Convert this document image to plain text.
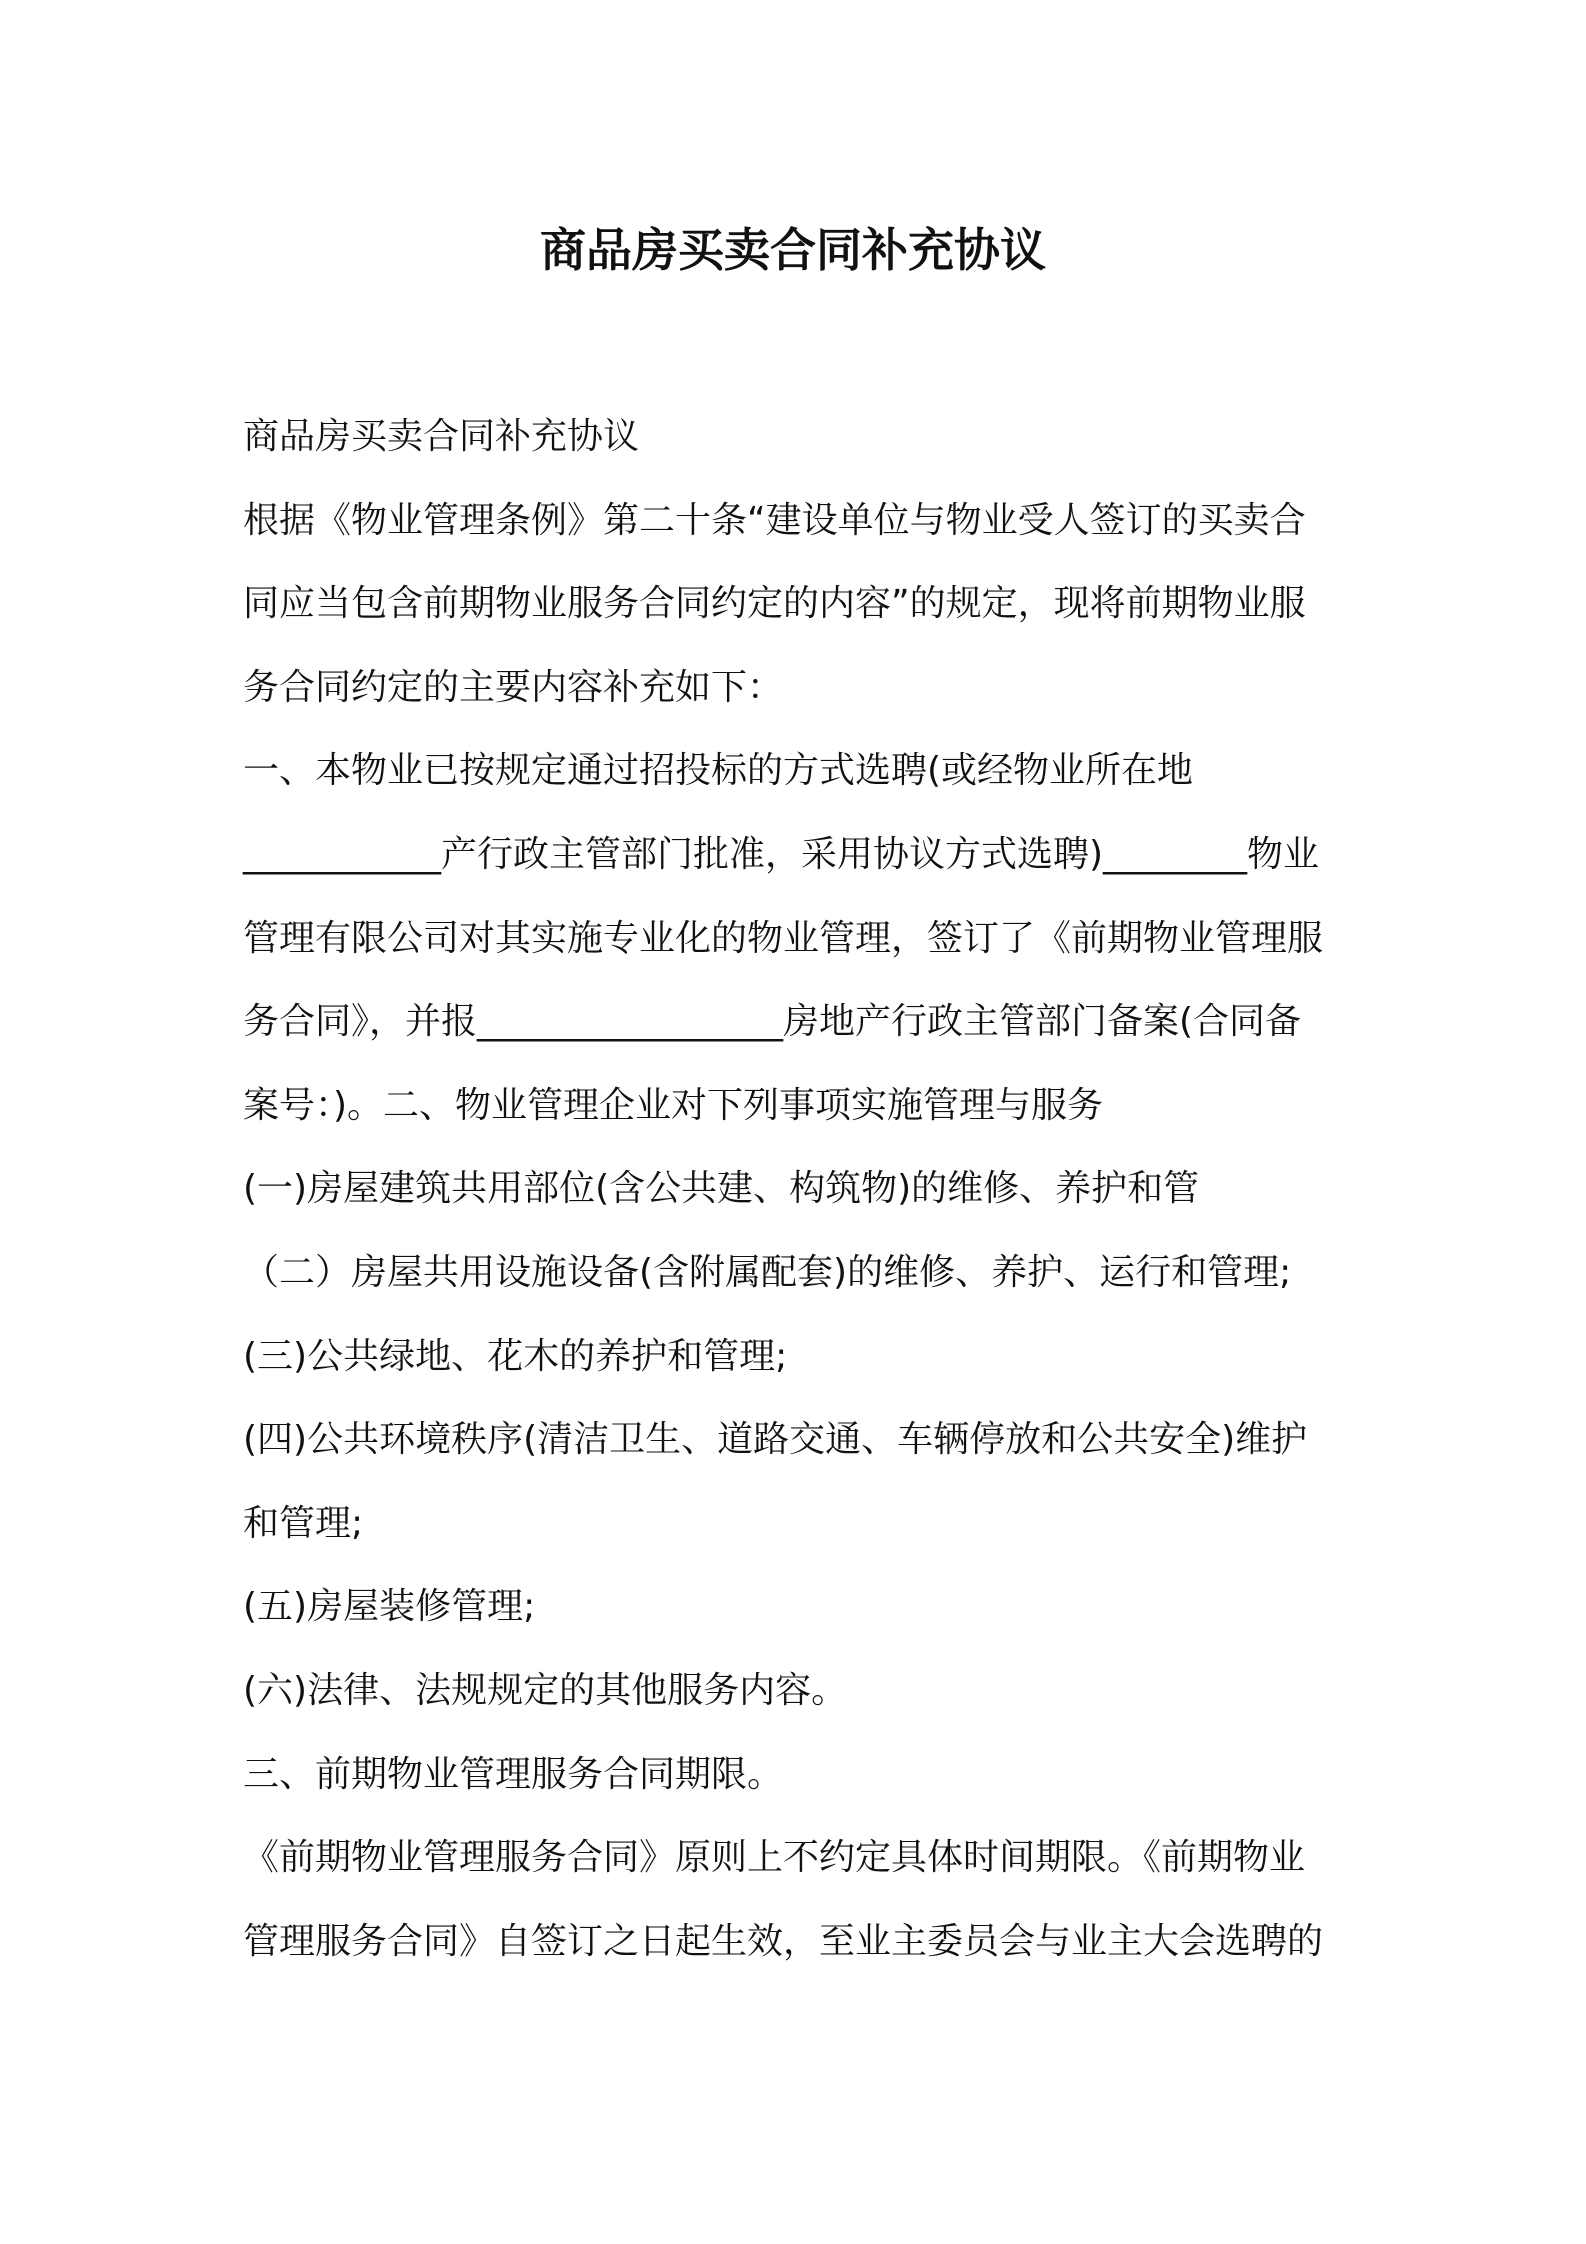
商品房买卖合同补充协议
商品房买卖合同补充协议
根据《物业管理条例》第二十条“建设单位与物业受人签订的买卖合
同应当包含前期物业服务合同约定的内容”的规定，现将前期物业服
务合同约定的主要内容补充如下：
一、本物业已按规定通过招投标的方式选聘(或经物业所在地
___________产行政主管部门批准，采用协议方式选聘)________物业
管理有限公司对其实施专业化的物业管理，签订了《前期物业管理服
务合同》，并报_________________房地产行政主管部门备案(合同备
案号：)。二、物业管理企业对下列事项实施管理与服务
(一)房屋建筑共用部位(含公共建、构筑物)的维修、养护和管
（二）房屋共用设施设备(含附属配套)的维修、养护、运行和管理;
(三)公共绿地、花木的养护和管理;
(四)公共环境秩序(清洁卫生、道路交通、车辆停放和公共安全)维护
和管理;
(五)房屋装修管理;
(六)法律、法规规定的其他服务内容。
三、前期物业管理服务合同期限。
《前期物业管理服务合同》原则上不约定具体时间期限。《前期物业
管理服务合同》自签订之日起生效，至业主委员会与业主大会选聘的
